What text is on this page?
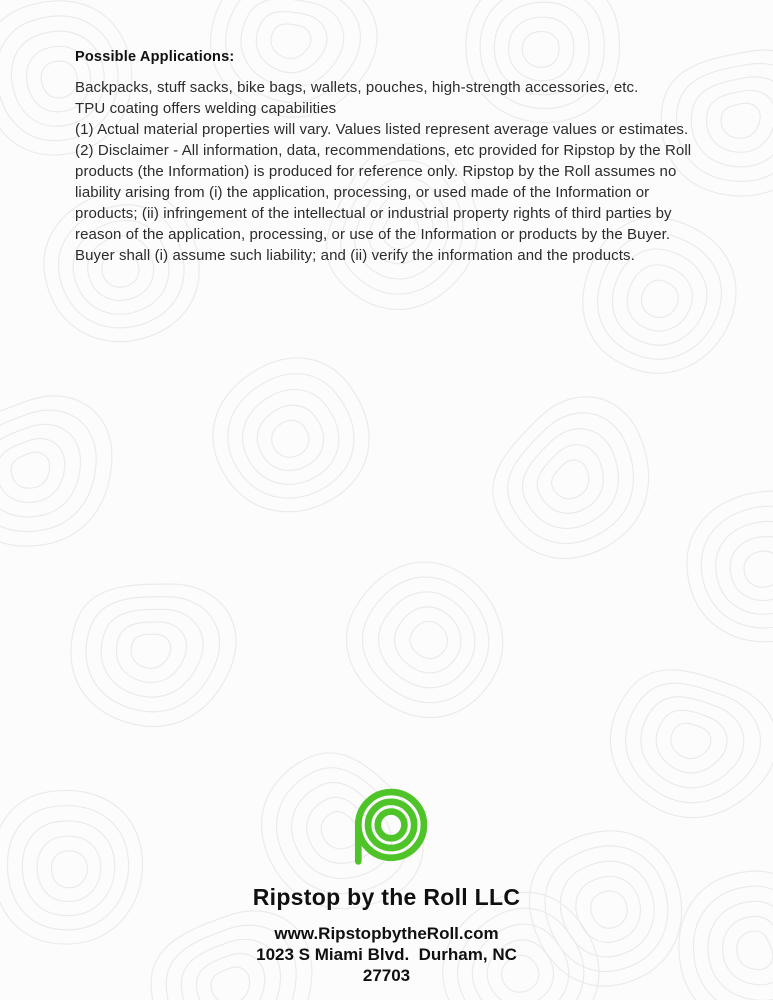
Possible Applications:

Backpacks, stuff sacks, bike bags, wallets, pouches, high-strength accessories, etc.

TPU coating offers welding capabilities

(1) Actual material properties will vary. Values listed represent average values or estimates.

(2) Disclaimer - All information, data, recommendations, etc provided for Ripstop by the Roll products (the Information) is produced for reference only. Ripstop by the Roll assumes no liability arising from (i) the application, processing, or used made of the Information or products; (ii) infringement of the intellectual or industrial property rights of third parties by reason of the application, processing, or use of the Information or products by the Buyer. Buyer shall (i) assume such liability; and (ii) verify the information and the products.

Ripstop by the Roll LLC
www.RipstopbytheRoll.com
1023 S Miami Blvd.  Durham, NC
27703
